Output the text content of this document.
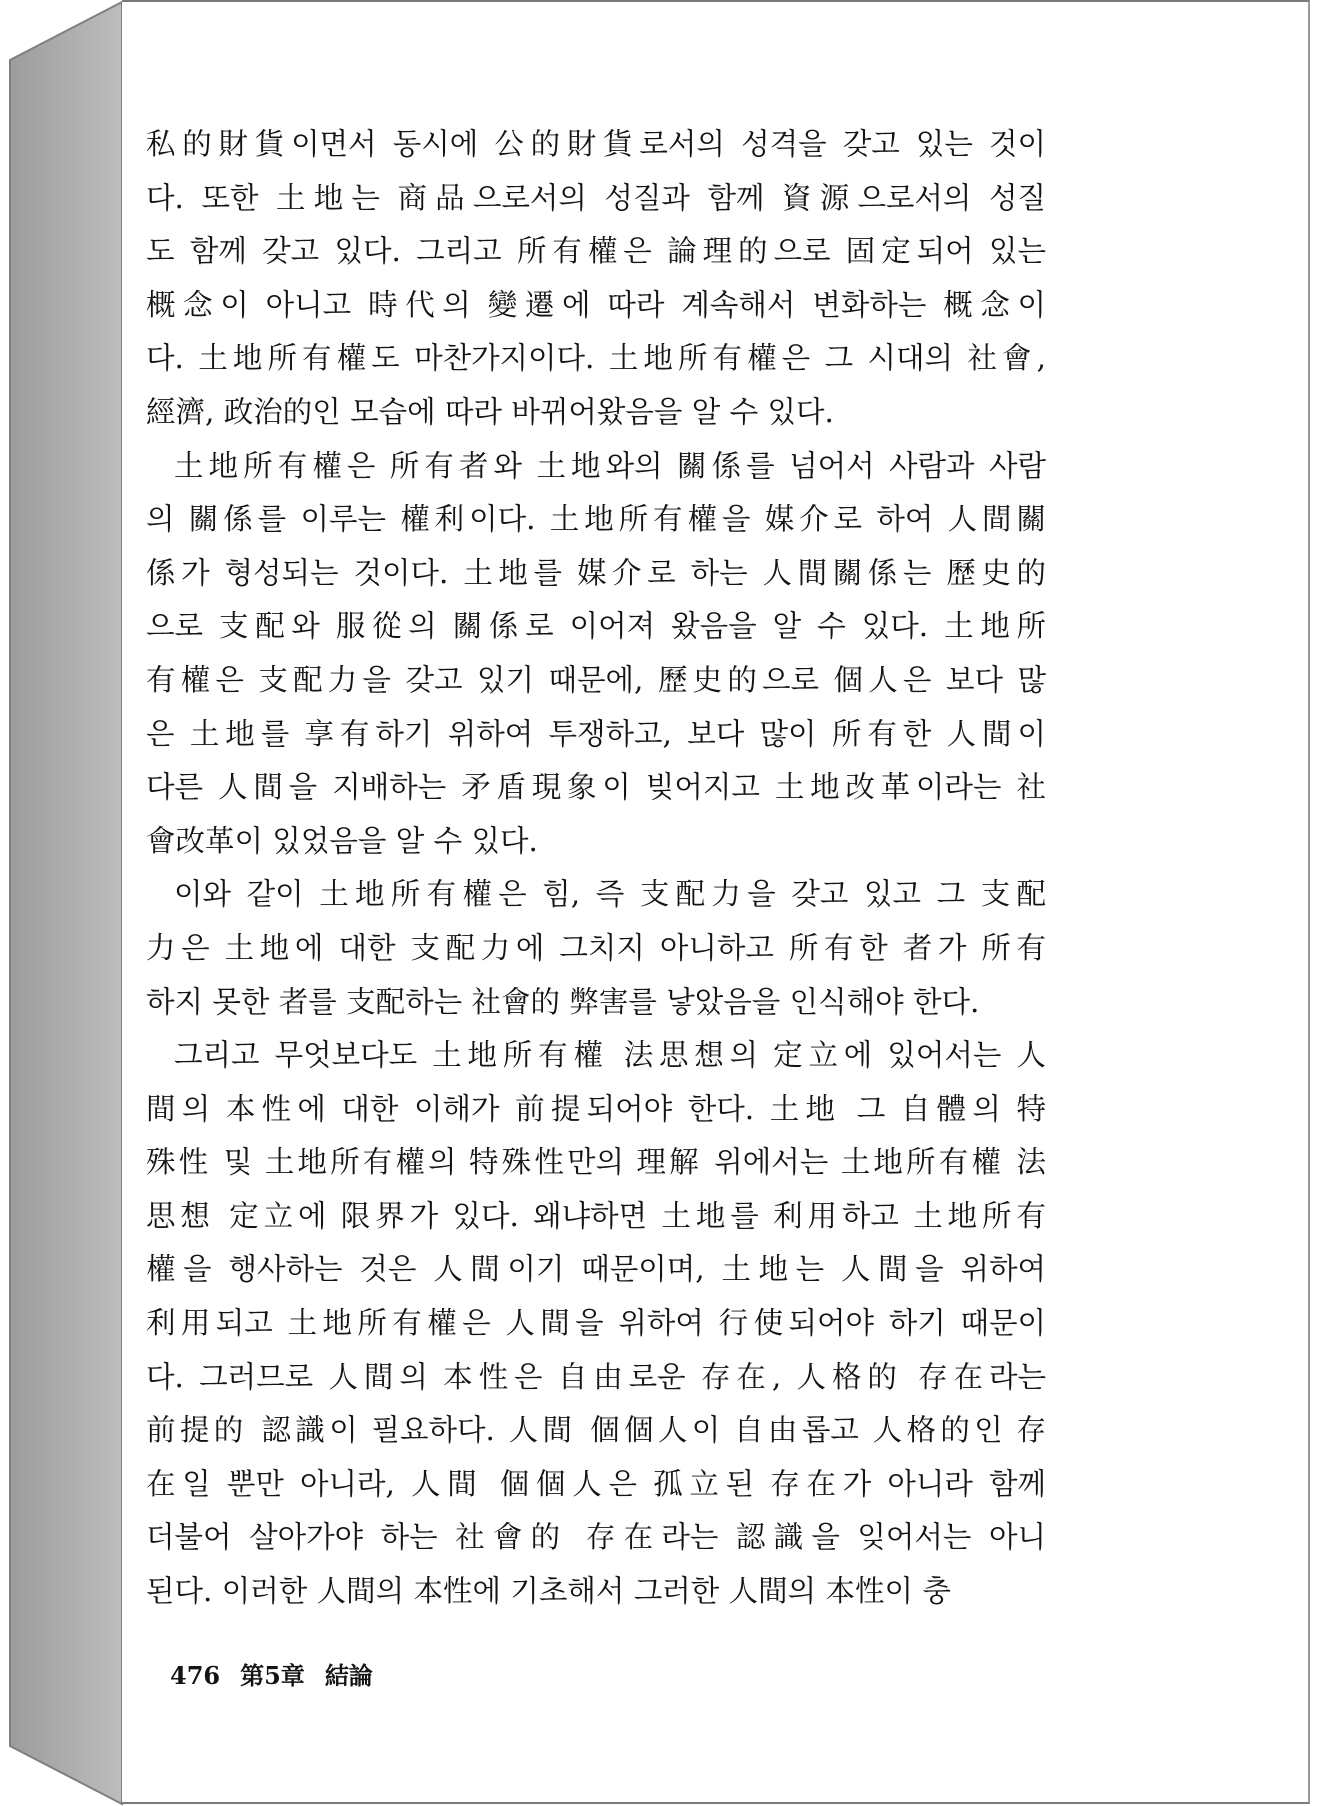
私的財貨이면서 동시에 公的財貨로서의 성격을 갖고 있는 것이
다. 또한 土地는 商品으로서의 성질과 함께 資源으로서의 성질
도 함께 갖고 있다. 그리고 所有權은 論理的으로 固定되어 있는
概念이 아니고 時代의 變遷에 따라 계속해서 변화하는 概念이
다. 土地所有權도 마찬가지이다. 土地所有權은 그 시대의 社會,
經濟, 政治的인 모습에 따라 바뀌어왔음을 알 수 있다.
土地所有權은 所有者와 土地와의 關係를 넘어서 사람과 사람
의 關係를 이루는 權利이다. 土地所有權을 媒介로 하여 人間關
係가 형성되는 것이다. 土地를 媒介로 하는 人間關係는 歷史的
으로 支配와 服從의 關係로 이어져 왔음을 알 수 있다. 土地所
有權은 支配力을 갖고 있기 때문에, 歷史的으로 個人은 보다 많
은 土地를 享有하기 위하여 투쟁하고, 보다 많이 所有한 人間이
다른 人間을 지배하는 矛盾現象이 빚어지고 土地改革이라는 社
會改革이 있었음을 알 수 있다.
이와 같이 土地所有權은 힘, 즉 支配力을 갖고 있고 그 支配
力은 土地에 대한 支配力에 그치지 아니하고 所有한 者가 所有
하지 못한 者를 支配하는 社會的 弊害를 낳았음을 인식해야 한다.
그리고 무엇보다도 土地所有權 法思想의 定立에 있어서는 人
間의 本性에 대한 이해가 前提되어야 한다. 土地 그 自體의 特
殊性 및 土地所有權의 特殊性만의 理解 위에서는 土地所有權 法
思想 定立에 限界가 있다. 왜냐하면 土地를 利用하고 土地所有
權을 행사하는 것은 人間이기 때문이며, 土地는 人間을 위하여
利用되고 土地所有權은 人間을 위하여 行使되어야 하기 때문이
다. 그러므로 人間의 本性은 自由로운 存在, 人格的 存在라는
前提的 認識이 필요하다. 人間 個個人이 自由롭고 人格的인 存
在일 뿐만 아니라, 人間 個個人은 孤立된 存在가 아니라 함께
더불어 살아가야 하는 社會的 存在라는 認識을 잊어서는 아니
된다. 이러한 人間의 本性에 기초해서 그러한 人間의 本性이 충
476 第5章 結論
